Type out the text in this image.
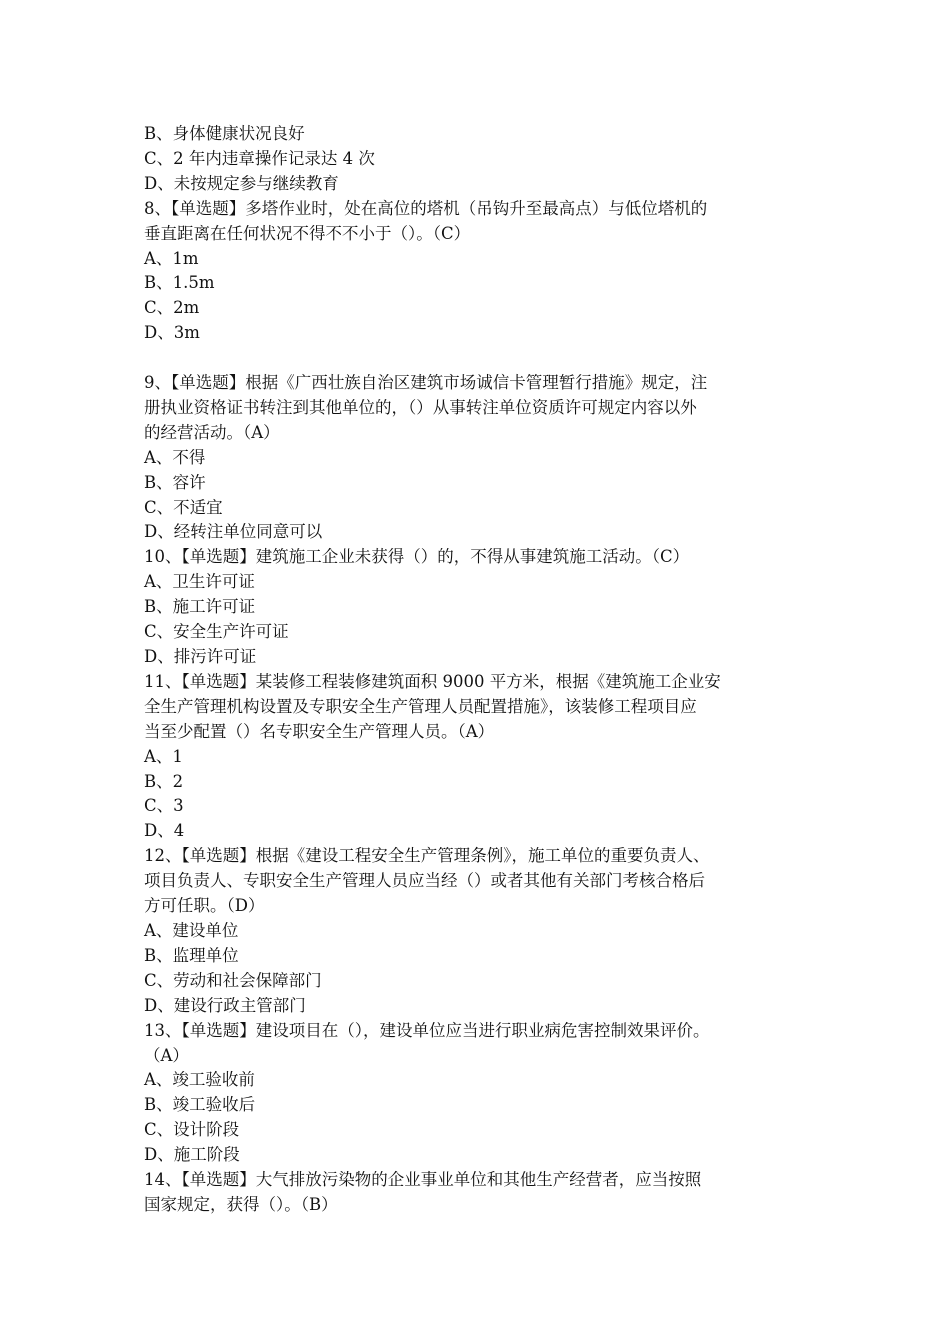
B、身体健康状况良好
C、2 年内违章操作记录达 4 次
D、未按规定参与继续教育
8、【单选题】多塔作业时，处在高位的塔机（吊钩升至最高点）与低位塔机的
垂直距离在任何状况不得不不小于（）。（C）
A、1m
B、1.5m
C、2m
D、3m
9、【单选题】根据《广西壮族自治区建筑市场诚信卡管理暂行措施》规定，注
册执业资格证书转注到其他单位的，（）从事转注单位资质许可规定内容以外
的经营活动。（A）
A、不得
B、容许
C、不适宜
D、经转注单位同意可以
10、【单选题】建筑施工企业未获得（）的，不得从事建筑施工活动。（C）
A、卫生许可证
B、施工许可证
C、安全生产许可证
D、排污许可证
11、【单选题】某装修工程装修建筑面积 9000 平方米，根据《建筑施工企业安
全生产管理机构设置及专职安全生产管理人员配置措施》，该装修工程项目应
当至少配置（）名专职安全生产管理人员。（A）
A、1
B、2
C、3
D、4
12、【单选题】根据《建设工程安全生产管理条例》，施工单位的重要负责人、
项目负责人、专职安全生产管理人员应当经（）或者其他有关部门考核合格后
方可任职。（D）
A、建设单位
B、监理单位
C、劳动和社会保障部门
D、建设行政主管部门
13、【单选题】建设项目在（），建设单位应当进行职业病危害控制效果评价。
（A）
A、竣工验收前
B、竣工验收后
C、设计阶段
D、施工阶段
14、【单选题】大气排放污染物的企业事业单位和其他生产经营者，应当按照
国家规定，获得（）。（B）
